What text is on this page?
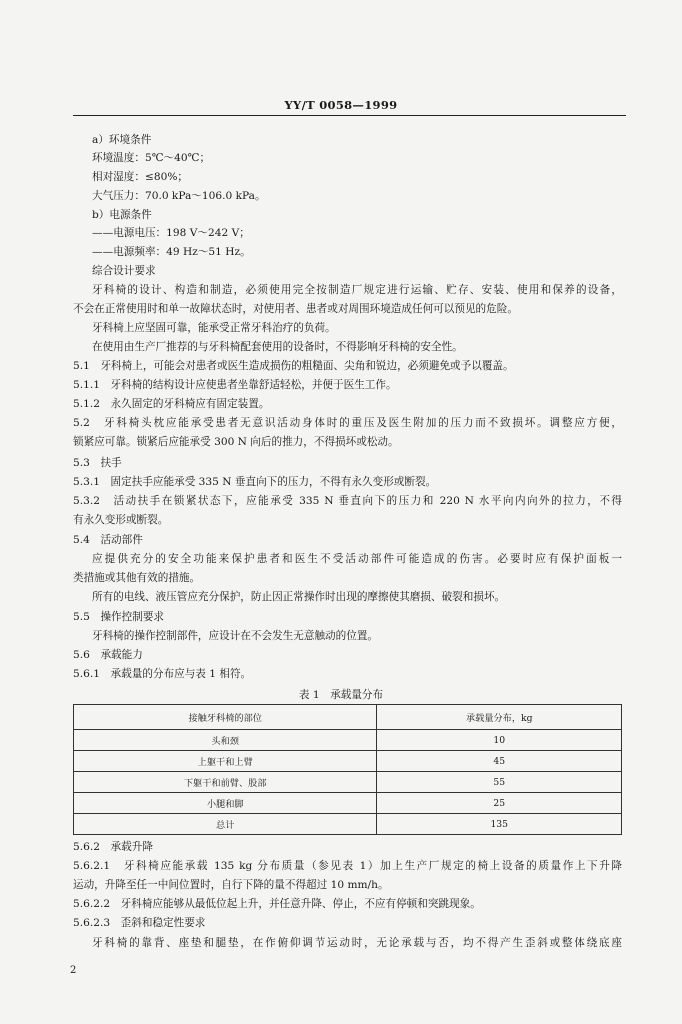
YY/T 0058—1999
a）环境条件
环境温度：5℃～40℃；
相对湿度：≤80%；
大气压力：70.0 kPa～106.0 kPa。
b）电源条件
——电源电压：198 V～242 V；
——电源频率：49 Hz～51 Hz。
综合设计要求
牙科椅的设计、构造和制造，必须使用完全按制造厂规定进行运输、贮存、安装、使用和保养的设备，
不会在正常使用时和单一故障状态时，对使用者、患者或对周围环境造成任何可以预见的危险。
牙科椅上应坚固可靠，能承受正常牙科治疗的负荷。
在使用由生产厂推荐的与牙科椅配套使用的设备时，不得影响牙科椅的安全性。
5.1　牙科椅上，可能会对患者或医生造成损伤的粗糙面、尖角和锐边，必须避免或予以覆盖。
5.1.1　牙科椅的结构设计应使患者坐靠舒适轻松，并便于医生工作。
5.1.2　永久固定的牙科椅应有固定装置。
5.2　牙科椅头枕应能承受患者无意识活动身体时的重压及医生附加的压力而不致损坏。调整应方便，
锁紧应可靠。锁紧后应能承受 300 N 向后的推力，不得损坏或松动。
5.3　扶手
5.3.1　固定扶手应能承受 335 N 垂直向下的压力，不得有永久变形或断裂。
5.3.2　活动扶手在锁紧状态下，应能承受 335 N 垂直向下的压力和 220 N 水平向内向外的拉力，不得
有永久变形或断裂。
5.4　活动部件
应提供充分的安全功能来保护患者和医生不受活动部件可能造成的伤害。必要时应有保护面板一
类措施或其他有效的措施。
所有的电线、液压管应充分保护，防止因正常操作时出现的摩擦使其磨损、破裂和损坏。
5.5　操作控制要求
牙科椅的操作控制部件，应设计在不会发生无意触动的位置。
5.6　承载能力
5.6.1　承载量的分布应与表 1 相符。
表 1　承载量分布
接触牙科椅的部位	承载量分布，kg
头和颈	10
上躯干和上臂	45
下躯干和前臂、股部	55
小腿和脚	25
总计	135
5.6.2　承载升降
5.6.2.1　牙科椅应能承载 135 kg 分布质量（参见表 1）加上生产厂规定的椅上设备的质量作上下升降
运动，升降至任一中间位置时，自行下降的量不得超过 10 mm/h。
5.6.2.2　牙科椅应能够从最低位起上升，并任意升降、停止，不应有停顿和突跳现象。
5.6.2.3　歪斜和稳定性要求
牙科椅的靠背、座垫和腿垫，在作俯仰调节运动时，无论承载与否，均不得产生歪斜或整体绕底座
2
